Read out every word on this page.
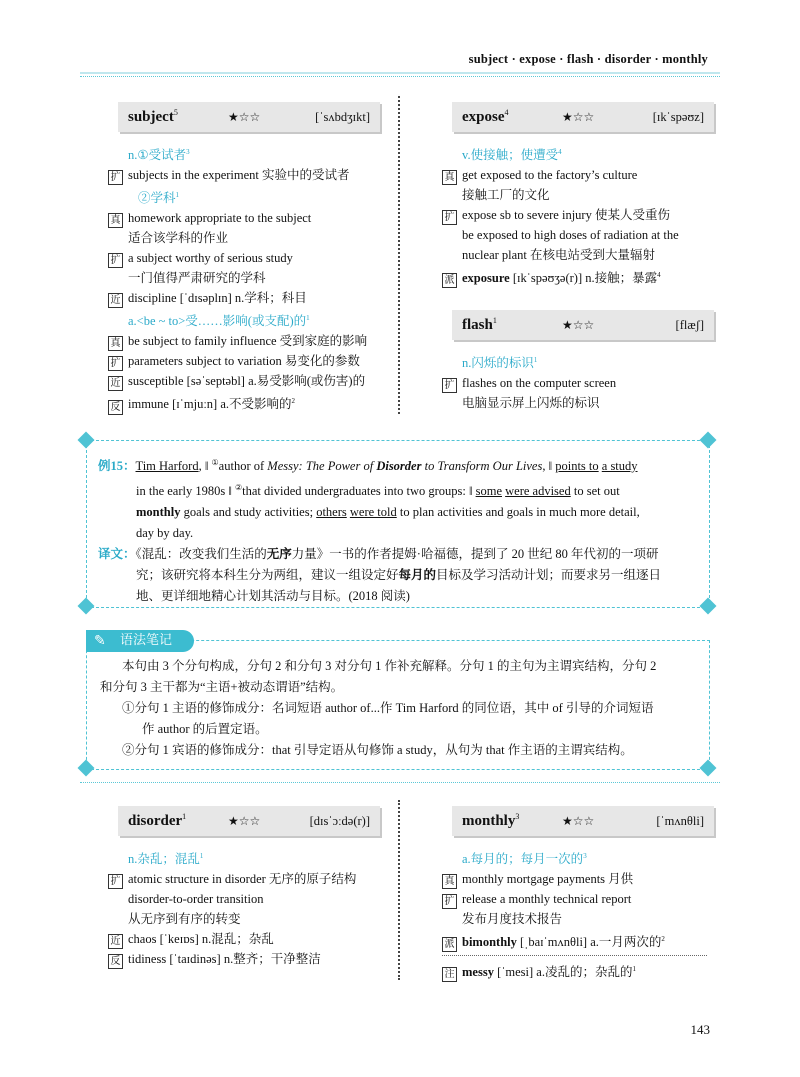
subject · expose · flash · disorder · monthly
subject$^5$	★☆☆	[ˈsʌbdʒɪkt]
n.①受试者$^3$
扩 subjects in the experiment 实验中的受试者
②学科$^1$
真 homework appropriate to the subject
适合该学科的作业
扩 a subject worthy of serious study
一门值得严肃研究的学科
近 discipline [ˈdɪsəplɪn] n.学科；科目
a.<be ~ to>受……影响(或支配)的$^1$
真 be subject to family influence 受到家庭的影响
扩 parameters subject to variation 易变化的参数
近 susceptible [səˈseptəbl] a.易受影响(或伤害)的
反 immune [ɪˈmjuːn] a.不受影响的$^2$
expose$^4$	★☆☆	[ɪkˈspəʊz]
v.使接触；使遭受$^4$
真 get exposed to the factory’s culture
接触工厂的文化
扩 expose sb to severe injury 使某人受重伤
be exposed to high doses of radiation at the
nuclear plant 在核电站受到大量辐射
派 exposure [ɪkˈspəʊʒə(r)] n.接触；暴露$^4$
flash$^1$	★☆☆	[flæʃ]
n.闪烁的标识$^1$
扩 flashes on the computer screen
电脑显示屏上闪烁的标识
例15：Tim Harford, ‖ ①author of Messy: The Power of Disorder to Transform Our Lives, ‖ points to a study
in the early 1980s ‖ ②that divided undergraduates into two groups: ‖ some were advised to set out
monthly goals and study activities; others were told to plan activities and goals in much more detail,
day by day.
译文：《混乱：改变我们生活的无序力量》一书的作者提姆·哈福德，提到了 20 世纪 80 年代初的一项研
究；该研究将本科生分为两组，建议一组设定好每月的目标及学习活动计划；而要求另一组逐日
地、更详细地精心计划其活动与目标。(2018 阅读)
✎ 语法笔记
本句由 3 个分句构成，分句 2 和分句 3 对分句 1 作补充解释。分句 1 的主句为主谓宾结构，分句 2
和分句 3 主干都为“主语+被动态谓语”结构。
①分句 1 主语的修饰成分：名词短语 author of...作 Tim Harford 的同位语，其中 of 引导的介词短语
作 author 的后置定语。
②分句 1 宾语的修饰成分：that 引导定语从句修饰 a study，从句为 that 作主语的主谓宾结构。
disorder$^1$	★☆☆	[dɪsˈɔːdə(r)]
n.杂乱；混乱$^1$
扩 atomic structure in disorder 无序的原子结构
disorder-to-order transition
从无序到有序的转变
近 chaos [ˈkeɪɒs] n.混乱；杂乱
反 tidiness [ˈtaɪdinəs] n.整齐；干净整洁
monthly$^3$	★☆☆	[ˈmʌnθli]
a.每月的；每月一次的$^3$
真 monthly mortgage payments 月供
扩 release a monthly technical report
发布月度技术报告
派 bimonthly [ˌbaɪˈmʌnθli] a.一月两次的$^2$
注 messy [ˈmesi] a.凌乱的；杂乱的$^1$
143
